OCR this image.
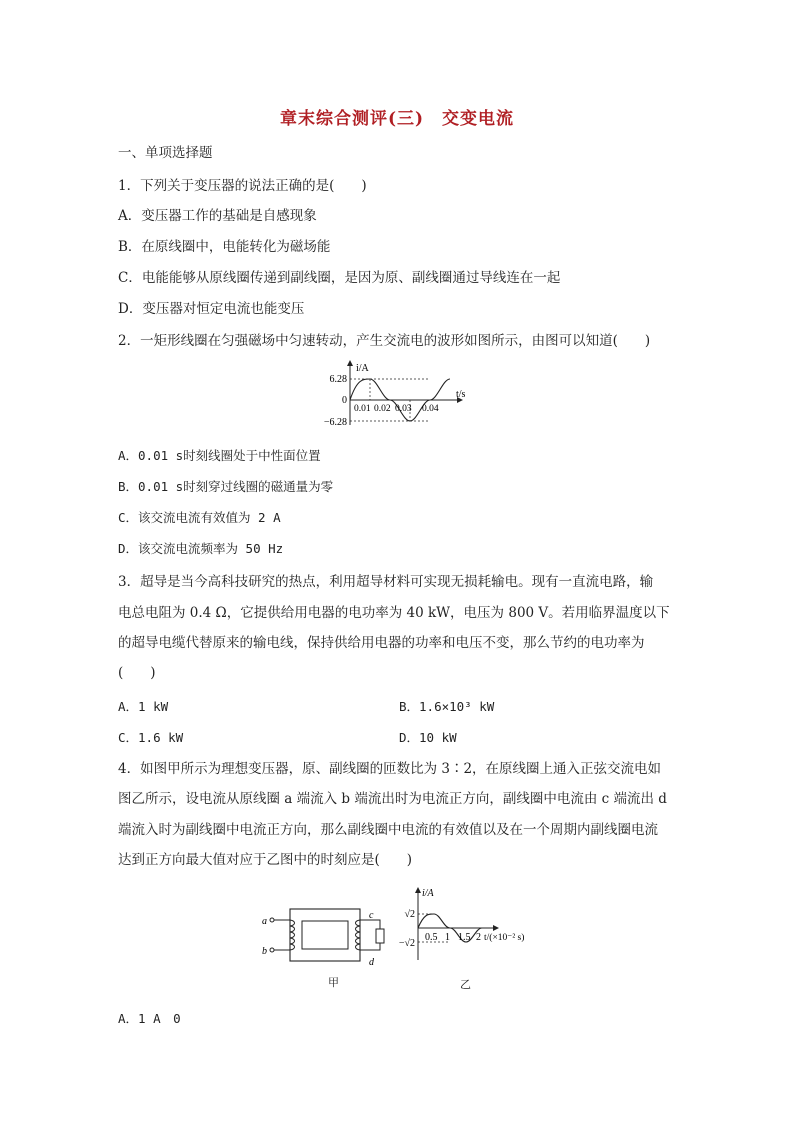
章末综合测评(三)　交变电流
一、单项选择题
1．下列关于变压器的说法正确的是(　　)
A．变压器工作的基础是自感现象
B．在原线圈中，电能转化为磁场能
C．电能能够从原线圈传递到副线圈，是因为原、副线圈通过导线连在一起
D．变压器对恒定电流也能变压
2．一矩形线圈在匀强磁场中匀速转动，产生交流电的波形如图所示，由图可以知道(　　)
i/A
t/s
6.28
0
−6.28
0.01 0.02 0.03 0.04
A．0.01 s时刻线圈处于中性面位置
B．0.01 s时刻穿过线圈的磁通量为零
C．该交流电流有效值为 2 A
D．该交流电流频率为 50 Hz
3．超导是当今高科技研究的热点，利用超导材料可实现无损耗输电。现有一直流电路，输
电总电阻为 0.4 Ω，它提供给用电器的电功率为 40 kW，电压为 800 V。若用临界温度以下
的超导电缆代替原来的输电线，保持供给用电器的功率和电压不变，那么节约的电功率为
(　　)
A．1 kW	B．1.6×10³ kW
C．1.6 kW	D．10 kW
4．如图甲所示为理想变压器，原、副线圈的匝数比为 3∶2，在原线圈上通入正弦交流电如
图乙所示，设电流从原线圈 a 端流入 b 端流出时为电流正方向，副线圈中电流由 c 端流出 d
端流入时为副线圈中电流正方向，那么副线圈中电流的有效值以及在一个周期内副线圈电流
达到正方向最大值对应于乙图中的时刻应是(　　)
a
b
c
d
i/A
√2
−√2
0.5 1 1.5 2 t/(×10⁻² s)
甲	乙
A．1 A　0
